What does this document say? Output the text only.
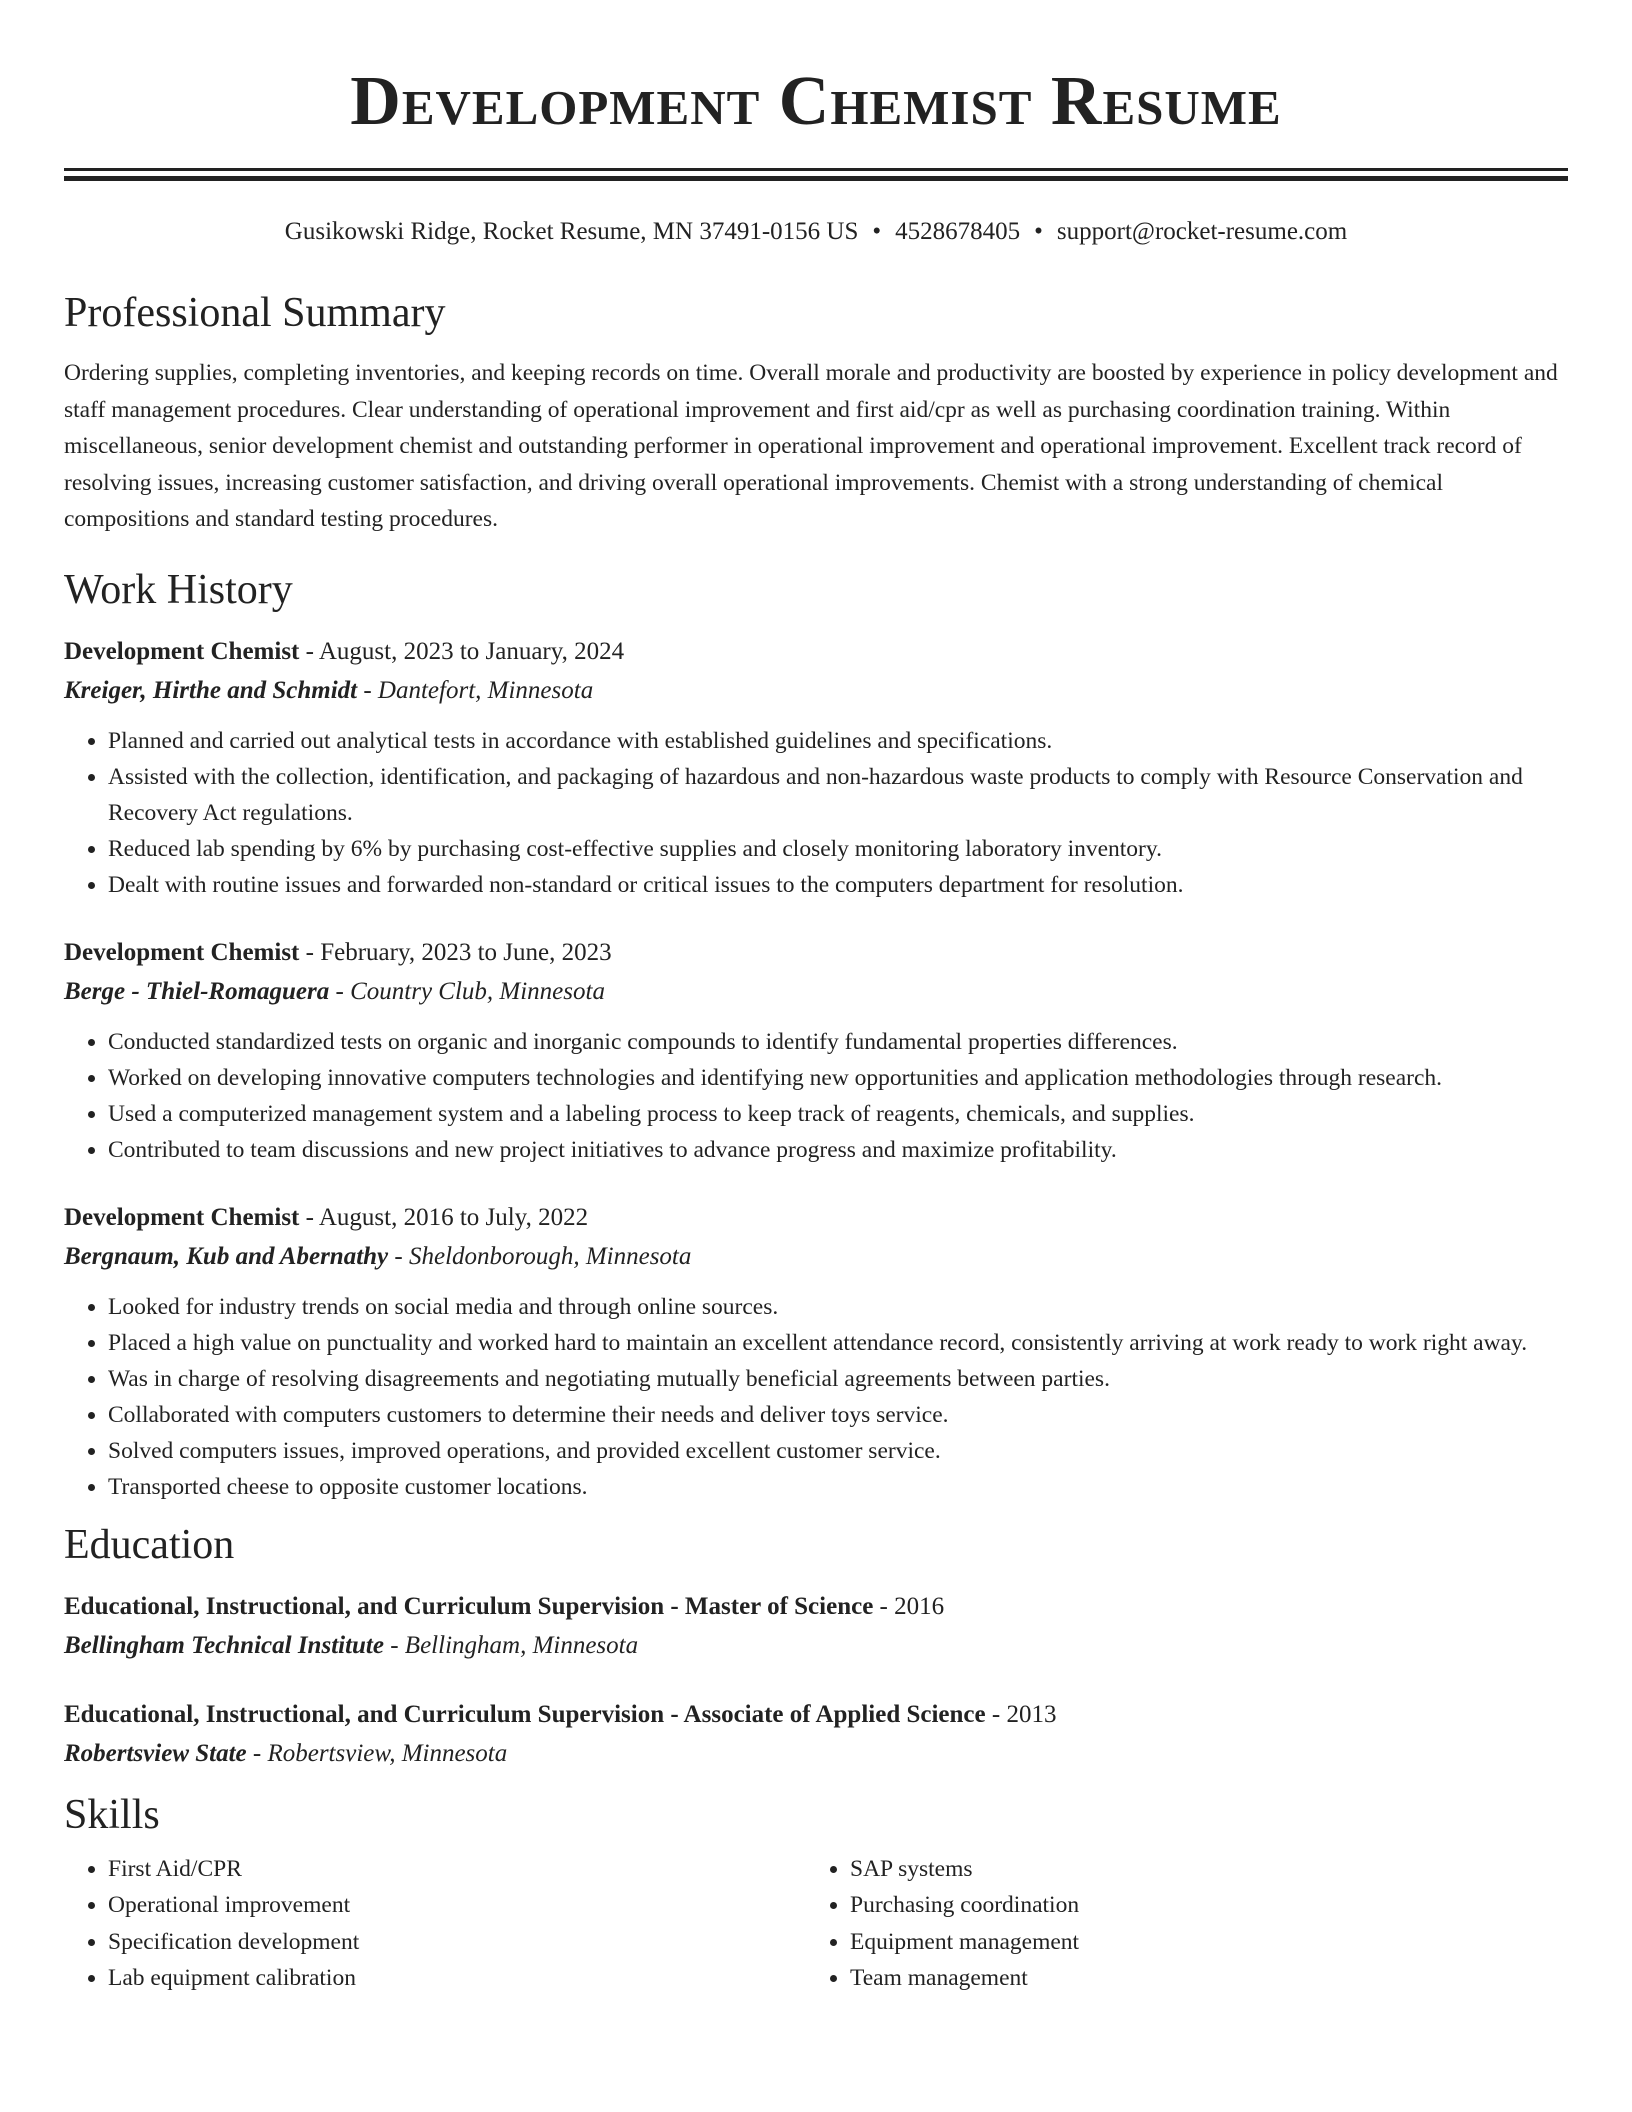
Development Chemist Resume
Gusikowski Ridge, Rocket Resume, MN 37491-0156 US • 4528678405 • support@rocket-resume.com
Professional Summary

Ordering supplies, completing inventories, and keeping records on time. Overall morale and productivity are boosted by experience in policy development and staff management procedures. Clear understanding of operational improvement and first aid/cpr as well as purchasing coordination training. Within miscellaneous, senior development chemist and outstanding performer in operational improvement and operational improvement. Excellent track record of resolving issues, increasing customer satisfaction, and driving overall operational improvements. Chemist with a strong understanding of chemical compositions and standard testing procedures.

Work History
Development Chemist - August, 2023 to January, 2024
Kreiger, Hirthe and Schmidt - Dantefort, Minnesota
• Planned and carried out analytical tests in accordance with established guidelines and specifications.
• Assisted with the collection, identification, and packaging of hazardous and non-hazardous waste products to comply with Resource Conservation and Recovery Act regulations.
• Reduced lab spending by 6% by purchasing cost-effective supplies and closely monitoring laboratory inventory.
• Dealt with routine issues and forwarded non-standard or critical issues to the computers department for resolution.
Development Chemist - February, 2023 to June, 2023
Berge - Thiel-Romaguera - Country Club, Minnesota
• Conducted standardized tests on organic and inorganic compounds to identify fundamental properties differences.
• Worked on developing innovative computers technologies and identifying new opportunities and application methodologies through research.
• Used a computerized management system and a labeling process to keep track of reagents, chemicals, and supplies.
• Contributed to team discussions and new project initiatives to advance progress and maximize profitability.
Development Chemist - August, 2016 to July, 2022
Bergnaum, Kub and Abernathy - Sheldonborough, Minnesota
• Looked for industry trends on social media and through online sources.
• Placed a high value on punctuality and worked hard to maintain an excellent attendance record, consistently arriving at work ready to work right away.
• Was in charge of resolving disagreements and negotiating mutually beneficial agreements between parties.
• Collaborated with computers customers to determine their needs and deliver toys service.
• Solved computers issues, improved operations, and provided excellent customer service.
• Transported cheese to opposite customer locations.
Education
Educational, Instructional, and Curriculum Supervision - Master of Science - 2016
Bellingham Technical Institute - Bellingham, Minnesota
Educational, Instructional, and Curriculum Supervision - Associate of Applied Science - 2013
Robertsview State - Robertsview, Minnesota
Skills
• First Aid/CPR
• Operational improvement
• Specification development
• Lab equipment calibration
• SAP systems
• Purchasing coordination
• Equipment management
• Team management
